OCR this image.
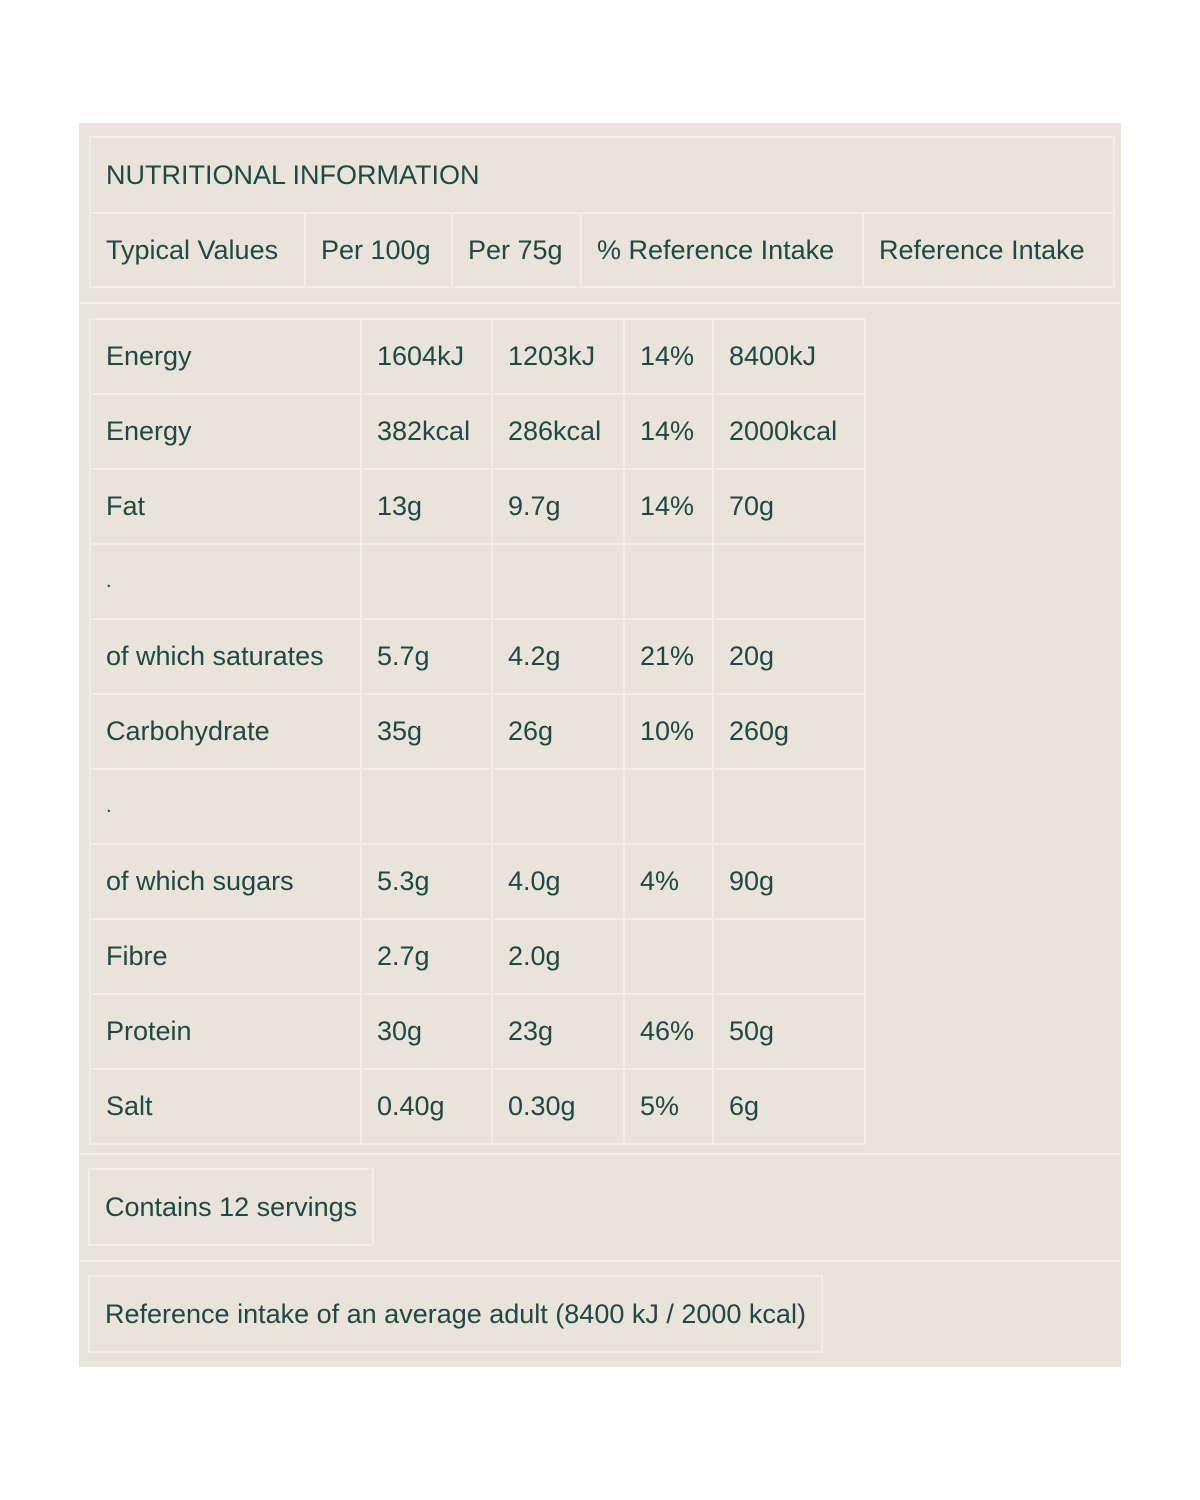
NUTRITIONAL INFORMATION
Typical Values	Per 100g	Per 75g	% Reference Intake	Reference Intake
Energy	1604kJ	1203kJ	14%	8400kJ
Energy	382kcal	286kcal	14%	2000kcal
Fat	13g	9.7g	14%	70g
.				
of which saturates	5.7g	4.2g	21%	20g
Carbohydrate	35g	26g	10%	260g
.				
of which sugars	5.3g	4.0g	4%	90g
Fibre	2.7g	2.0g		
Protein	30g	23g	46%	50g
Salt	0.40g	0.30g	5%	6g
Contains 12 servings
Reference intake of an average adult (8400 kJ / 2000 kcal)
